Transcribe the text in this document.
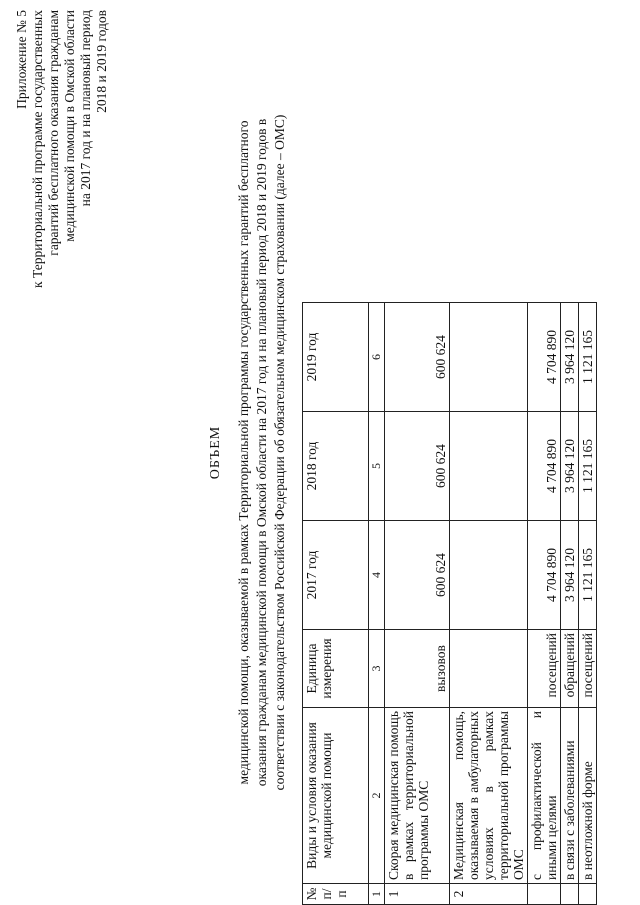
Приложение № 5 к Территориальной программе государственных гарантий бесплатного оказания гражданам медицинской помощи в Омской области на 2017 год и на плановый период 2018 и 2019 годов
ОБЪЕМ медицинской помощи, оказываемой в рамках Территориальной программы государственных гарантий бесплатного оказания гражданам медицинской помощи в Омской области на 2017 год и на плановый период 2018 и 2019 годов в соответствии с законодательством Российской Федерации об обязательном медицинском страховании (далее – ОМС)
№ п/п	Виды и условия оказания медицинской помощи	Единица измерения	2017 год	2018 год	2019 год
1	2	3	4	5	6
1	Скорая медицинская помощь в рамках территориальной программы ОМС	вызовов	600 624	600 624	600 624
2	Медицинская помощь, оказываемая в амбулаторных условиях в рамках территориальной программы ОМС				
	с профилактической и иными целями	посещений	4 704 890	4 704 890	4 704 890
	в связи с заболеваниями	обращений	3 964 120	3 964 120	3 964 120
	в неотложной форме	посещений	1 121 165	1 121 165	1 121 165
